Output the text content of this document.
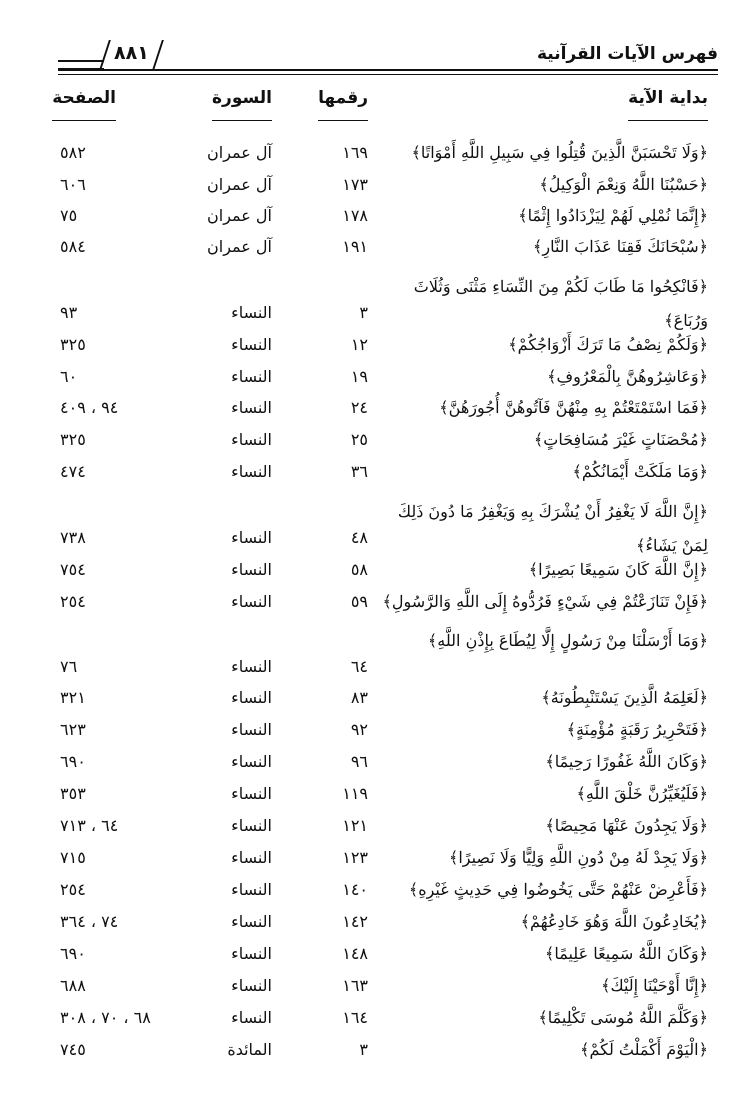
فهرس الآيات القرآنية
٨٨١
بداية الآية
رقمها
السورة
الصفحة
﴿وَلَا تَحْسَبَنَّ الَّذِينَ قُتِلُوا فِي سَبِيلِ اللَّهِ أَمْوَاتًا﴾
١٦٩
آل عمران
٥٨٢
﴿حَسْبُنَا اللَّهُ وَنِعْمَ الْوَكِيلُ﴾
١٧٣
آل عمران
٦٠٦
﴿إِنَّمَا نُمْلِي لَهُمْ لِيَزْدَادُوا إِثْمًا﴾
١٧٨
آل عمران
٧٥
﴿سُبْحَانَكَ فَقِنَا عَذَابَ النَّارِ﴾
١٩١
آل عمران
٥٨٤
﴿فَانْكِحُوا مَا طَابَ لَكُمْ مِنَ النِّسَاءِ مَثْنَى وَثُلَاثَ وَرُبَاعَ﴾
٣
النساء
٩٣
﴿وَلَكُمْ نِصْفُ مَا تَرَكَ أَزْوَاجُكُمْ﴾
١٢
النساء
٣٢٥
﴿وَعَاشِرُوهُنَّ بِالْمَعْرُوفِ﴾
١٩
النساء
٦٠
﴿فَمَا اسْتَمْتَعْتُمْ بِهِ مِنْهُنَّ فَآتُوهُنَّ أُجُورَهُنَّ﴾
٢٤
النساء
٩٤ ، ٤٠٩
﴿مُحْصَنَاتٍ غَيْرَ مُسَافِحَاتٍ﴾
٢٥
النساء
٣٢٥
﴿وَمَا مَلَكَتْ أَيْمَانُكُمْ﴾
٣٦
النساء
٤٧٤
﴿إِنَّ اللَّهَ لَا يَغْفِرُ أَنْ يُشْرَكَ بِهِ وَيَغْفِرُ مَا دُونَ ذَلِكَ لِمَنْ يَشَاءُ﴾
٤٨
النساء
٧٣٨
﴿إِنَّ اللَّهَ كَانَ سَمِيعًا بَصِيرًا﴾
٥٨
النساء
٧٥٤
﴿فَإِنْ تَنَازَعْتُمْ فِي شَيْءٍ فَرُدُّوهُ إِلَى اللَّهِ وَالرَّسُولِ﴾
٥٩
النساء
٢٥٤
﴿وَمَا أَرْسَلْنَا مِنْ رَسُولٍ إِلَّا لِيُطَاعَ بِإِذْنِ اللَّهِ﴾
٦٤
النساء
٧٦
﴿لَعَلِمَهُ الَّذِينَ يَسْتَنْبِطُونَهُ﴾
٨٣
النساء
٣٢١
﴿فَتَحْرِيرُ رَقَبَةٍ مُؤْمِنَةٍ﴾
٩٢
النساء
٦٢٣
﴿وَكَانَ اللَّهُ غَفُورًا رَحِيمًا﴾
٩٦
النساء
٦٩٠
﴿فَلَيُغَيِّرُنَّ خَلْقَ اللَّهِ﴾
١١٩
النساء
٣٥٣
﴿وَلَا يَجِدُونَ عَنْهَا مَحِيصًا﴾
١٢١
النساء
٦٤ ، ٧١٣
﴿وَلَا يَجِدْ لَهُ مِنْ دُونِ اللَّهِ وَلِيًّا وَلَا نَصِيرًا﴾
١٢٣
النساء
٧١٥
﴿فَأَعْرِضْ عَنْهُمْ حَتَّى يَخُوضُوا فِي حَدِيثٍ غَيْرِهِ﴾
١٤٠
النساء
٢٥٤
﴿يُخَادِعُونَ اللَّهَ وَهُوَ خَادِعُهُمْ﴾
١٤٢
النساء
٧٤ ، ٣٦٤
﴿وَكَانَ اللَّهُ سَمِيعًا عَلِيمًا﴾
١٤٨
النساء
٦٩٠
﴿إِنَّا أَوْحَيْنَا إِلَيْكَ﴾
١٦٣
النساء
٦٨٨
﴿وَكَلَّمَ اللَّهُ مُوسَى تَكْلِيمًا﴾
١٦٤
النساء
٦٨ ، ٧٠ ، ٣٠٨
﴿الْيَوْمَ أَكْمَلْتُ لَكُمْ﴾
٣
المائدة
٧٤٥
